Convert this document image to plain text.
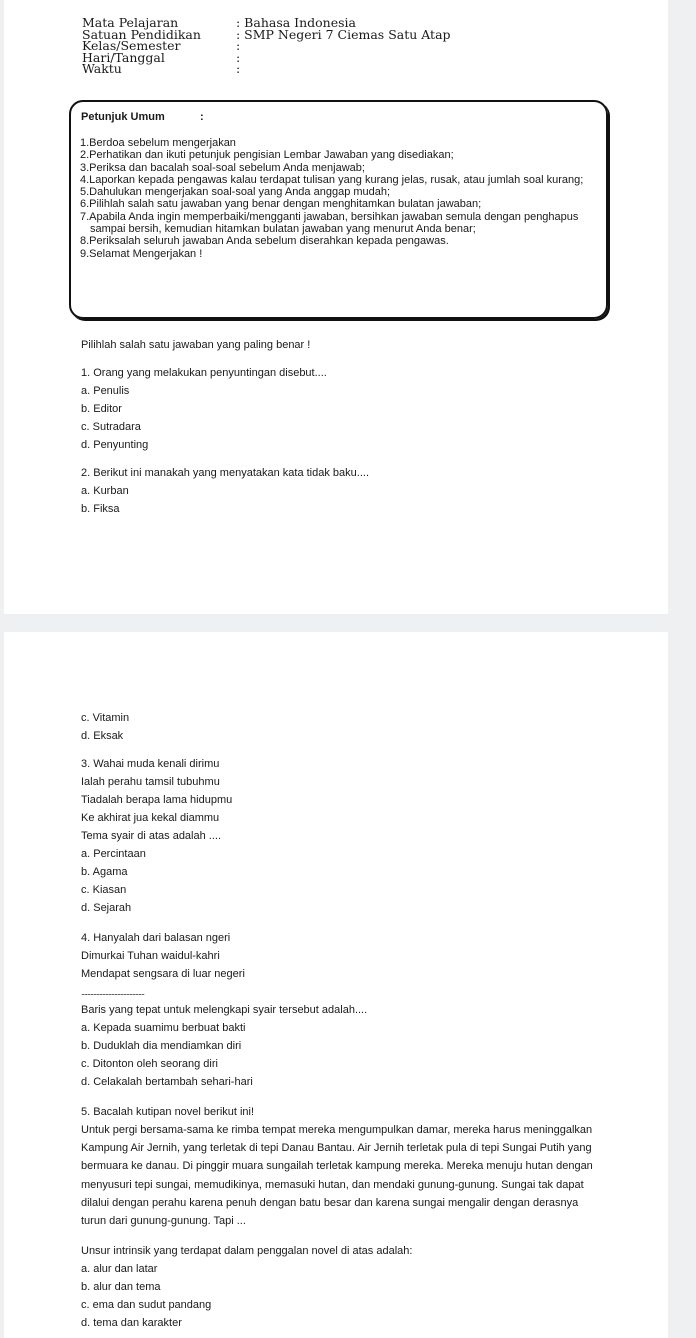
Mata Pelajaran	: Bahasa Indonesia
Satuan Pendidikan	: SMP Negeri 7 Ciemas Satu Atap
Kelas/Semester	:
Hari/Tanggal	:
Waktu	:
Petunjuk Umum	:
1.Berdoa sebelum mengerjakan
2.Perhatikan dan ikuti petunjuk pengisian Lembar Jawaban yang disediakan;
3.Periksa dan bacalah soal-soal sebelum Anda menjawab;
4.Laporkan kepada pengawas kalau terdapat tulisan yang kurang jelas, rusak, atau jumlah soal kurang;
5.Dahulukan mengerjakan soal-soal yang Anda anggap mudah;
6.Pilihlah salah satu jawaban yang benar dengan menghitamkan bulatan jawaban;
7.Apabila Anda ingin memperbaiki/mengganti jawaban, bersihkan jawaban semula dengan penghapus sampai bersih, kemudian hitamkan bulatan jawaban yang menurut Anda benar;
8.Periksalah seluruh jawaban Anda sebelum diserahkan kepada pengawas.
9.Selamat Mengerjakan !
Pilihlah salah satu jawaban yang paling benar !
1. Orang yang melakukan penyuntingan disebut....
a. Penulis
b. Editor
c. Sutradara
d. Penyunting
2. Berikut ini manakah yang menyatakan kata tidak baku....
a. Kurban
b. Fiksa
c. Vitamin
d. Eksak
3. Wahai muda kenali dirimu
Ialah perahu tamsil tubuhmu
Tiadalah berapa lama hidupmu
Ke akhirat jua kekal diammu
Tema syair di atas adalah ....
a. Percintaan
b. Agama
c. Kiasan
d. Sejarah
4. Hanyalah dari balasan ngeri
Dimurkai Tuhan waidul-kahri
Mendapat sengsara di luar negeri
..........................................
Baris yang tepat untuk melengkapi syair tersebut adalah....
a. Kepada suamimu berbuat bakti
b. Duduklah dia mendiamkan diri
c. Ditonton oleh seorang diri
d. Celakalah bertambah sehari-hari
5. Bacalah kutipan novel berikut ini!
Untuk pergi bersama-sama ke rimba tempat mereka mengumpulkan damar, mereka harus meninggalkan Kampung Air Jernih, yang terletak di tepi Danau Bantau. Air Jernih terletak pula di tepi Sungai Putih yang bermuara ke danau. Di pinggir muara sungailah terletak kampung mereka. Mereka menuju hutan dengan menyusuri tepi sungai, memudikinya, memasuki hutan, dan mendaki gunung-gunung. Sungai tak dapat dilalui dengan perahu karena penuh dengan batu besar dan karena sungai mengalir dengan derasnya turun dari gunung-gunung. Tapi ...
Unsur intrinsik yang terdapat dalam penggalan novel di atas adalah:
a. alur dan latar
b. alur dan tema
c. ema dan sudut pandang
d. tema dan karakter
